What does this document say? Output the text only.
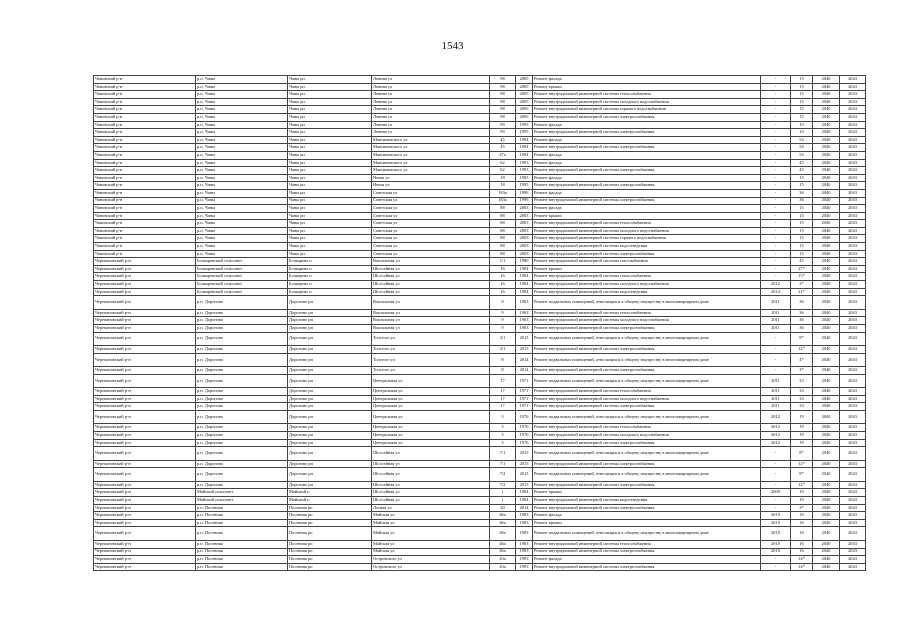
1543
Чановский р-н	р.п. Чаны	Чаны рп	Ленина ул	98	2005	Ремонт фасада	-	15	2040	2043
Чановский р-н	р.п. Чаны	Чаны рп	Ленина ул	98	2005	Ремонт крыши	-	15	2040	2043
Чановский р-н	р.п. Чаны	Чаны рп	Ленина ул	98	2005	Ремонт внутридомовой инженерной системы теплоснабжения	-	15	2040	2043
Чановский р-н	р.п. Чаны	Чаны рп	Ленина ул	98	2005	Ремонт внутридомовой инженерной системы холодного водоснабжения	-	15	2040	2043
Чановский р-н	р.п. Чаны	Чаны рп	Ленина ул	98	2005	Ремонт внутридомовой инженерной системы горячего водоснабжения	-	15	2040	2043
Чановский р-н	р.п. Чаны	Чаны рп	Ленина ул	98	2005	Ремонт внутридомовой инженерной системы электроснабжения	-	15	2040	2043
Чановский р-н	р.п. Чаны	Чаны рп	Ленина ул	99	1995	Ремонт фасада	-	10	2040	2043
Чановский р-н	р.п. Чаны	Чаны рп	Ленина ул	99	1995	Ремонт внутридомовой инженерной системы электроснабжения	-	10	2040	2043
Чановский р-н	р.п. Чаны	Чаны рп	Максимовского ул	45	1994	Ремонт фасада	-	54	2040	2043
Чановский р-н	р.п. Чаны	Чаны рп	Максимовского ул	45	1994	Ремонт внутридомовой инженерной системы электроснабжения	-	54	2040	2043
Чановский р-н	р.п. Чаны	Чаны рп	Максимовского ул	47а	1994	Ремонт фасада	-	52	2040	2043
Чановский р-н	р.п. Чаны	Чаны рп	Максимовского ул	62	1993	Ремонт фасада	-	45	2040	2043
Чановский р-н	р.п. Чаны	Чаны рп	Максимовского ул	62	1993	Ремонт внутридомовой инженерной системы электроснабжения	-	45	2040	2043
Чановский р-н	р.п. Чаны	Чаны рп	Некая ул	18	1995	Ремонт фасада	-	15	2040	2043
Чановский р-н	р.п. Чаны	Чаны рп	Некая ул	18	1995	Ремонт внутридомовой инженерной системы электроснабжения	-	15	2040	2043
Чановский р-н	р.п. Чаны	Чаны рп	Советская ул	183а	1996	Ремонт фасада	-	36	2040	2043
Чановский р-н	р.п. Чаны	Чаны рп	Советская ул	183а	1996	Ремонт внутридомовой инженерной системы электроснабжения	-	36	2040	2043
Чановский р-н	р.п. Чаны	Чаны рп	Советская ул	88	2003	Ремонт фасада	-	15	2040	2043
Чановский р-н	р.п. Чаны	Чаны рп	Советская ул	88	2003	Ремонт крыши	-	15	2040	2043
Чановский р-н	р.п. Чаны	Чаны рп	Советская ул	88	2003	Ремонт внутридомовой инженерной системы теплоснабжения	-	15	2040	2043
Чановский р-н	р.п. Чаны	Чаны рп	Советская ул	88	2003	Ремонт внутридомовой инженерной системы холодного водоснабжения	-	15	2040	2043
Чановский р-н	р.п. Чаны	Чаны рп	Советская ул	88	2003	Ремонт внутридомовой инженерной системы горячего водоснабжения	-	15	2040	2043
Чановский р-н	р.п. Чаны	Чаны рп	Советская ул	88	2003	Ремонт внутридомовой инженерной системы водоотведения	-	15	2040	2043
Чановский р-н	р.п. Чаны	Чаны рп	Советская ул	88	2003	Ремонт внутридомовой инженерной системы электроснабжения	-	15	2040	2043
Черепановский р-н	Бочкаревский сельсовет	Бочкарево п	Вокзальная ул	1/1	1980	Ремонт внутридомовой инженерной системы газоснабжения	-	45	2040	2043
Черепановский р-н	Бочкаревский сельсовет	Бочкарево п	Шоссейная ул	16	1984	Ремонт крыши	-	27*	2040	2043
Черепановский р-н	Бочкаревский сельсовет	Бочкарево п	Шоссейная ул	16	1984	Ремонт внутридомовой инженерной системы теплоснабжения	-	15*	2040	2043
Черепановский р-н	Бочкаревский сельсовет	Бочкарево п	Шоссейная ул	16	1984	Ремонт внутридомовой инженерной системы холодного водоснабжения	2012	3*	2040	2043
Черепановский р-н	Бочкаревский сельсовет	Бочкарево п	Шоссейная ул	16	1984	Ремонт внутридомовой инженерной системы водоотведения	2014	21*	2040	2043
Черепановский р-н	р.п. Дорогино	Дорогино рп	Вокзальная ул	9	1963	Ремонт подвальных помещений, относящихся к общему имуществу в многоквартирном доме	2011	36	2040	2043
Черепановский р-н	р.п. Дорогино	Дорогино рп	Вокзальная ул	9	1963	Ремонт внутридомовой инженерной системы теплоснабжения	2011	36	2040	2043
Черепановский р-н	р.п. Дорогино	Дорогино рп	Вокзальная ул	9	1963	Ремонт внутридомовой инженерной системы холодного водоснабжения	2011	36	2040	2043
Черепановский р-н	р.п. Дорогино	Дорогино рп	Вокзальная ул	9	1963	Ремонт внутридомовой инженерной системы электроснабжения	2011	36	2040	2043
Черепановский р-н	р.п. Дорогино	Дорогино рп	Толстого ул	2/1	2015	Ремонт подвальных помещений, относящихся к общему имуществу в многоквартирном доме	-	8*	2040	2043
Черепановский р-н	р.п. Дорогино	Дорогино рп	Толстого ул	2/1	2015	Ремонт внутридомовой инженерной системы электроснабжения	-	12*	2040	2043
Черепановский р-н	р.п. Дорогино	Дорогино рп	Толстого ул	8	2014	Ремонт подвальных помещений, относящихся к общему имуществу в многоквартирном доме	-	4*	2040	2043
Черепановский р-н	р.п. Дорогино	Дорогино рп	Толстого ул	8	2014	Ремонт внутридомовой инженерной системы электроснабжения	-	3*	2040	2043
Черепановский р-н	р.п. Дорогино	Дорогино рп	Центральная ул	17	1971	Ремонт подвальных помещений, относящихся к общему имуществу в многоквартирном доме	2011	33	2040	2043
Черепановский р-н	р.п. Дорогино	Дорогино рп	Центральная ул	17	1971	Ремонт внутридомовой инженерной системы теплоснабжения	2011	33	2040	2043
Черепановский р-н	р.п. Дорогино	Дорогино рп	Центральная ул	17	1971	Ремонт внутридомовой инженерной системы холодного водоснабжения	2011	33	2040	2043
Черепановский р-н	р.п. Дорогино	Дорогино рп	Центральная ул	17	1971	Ремонт внутридомовой инженерной системы электроснабжения	2011	33	2040	2043
Черепановский р-н	р.п. Дорогино	Дорогино рп	Центральная ул	3	1976	Ремонт подвальных помещений, относящихся к общему имуществу в многоквартирном доме	2012	19	2040	2043
Черепановский р-н	р.п. Дорогино	Дорогино рп	Центральная ул	3	1976	Ремонт внутридомовой инженерной системы теплоснабжения	2012	19	2040	2043
Черепановский р-н	р.п. Дорогино	Дорогино рп	Центральная ул	3	1976	Ремонт внутридомовой инженерной системы холодного водоснабжения	2012	19	2040	2043
Черепановский р-н	р.п. Дорогино	Дорогино рп	Центральная ул	3	1976	Ремонт внутридомовой инженерной системы электроснабжения	2012	19	2040	2043
Черепановский р-н	р.п. Дорогино	Дорогино рп	Шоссейная ул	7/1	2015	Ремонт подвальных помещений, относящихся к общему имуществу в многоквартирном доме	-	8*	2040	2043
Черепановский р-н	р.п. Дорогино	Дорогино рп	Шоссейная ул	7/1	2015	Ремонт внутридомовой инженерной системы электроснабжения	-	12*	2040	2043
Черепановский р-н	р.п. Дорогино	Дорогино рп	Шоссейная ул	7/2	2015	Ремонт подвальных помещений, относящихся к общему имуществу в многоквартирном доме	-	8*	2040	2043
Черепановский р-н	р.п. Дорогино	Дорогино рп	Шоссейная ул	7/2	2015	Ремонт внутридомовой инженерной системы электроснабжения	-	12*	2040	2043
Черепановский р-н	Майский сельсовет	Майский п	Шоссейная ул	1	1984	Ремонт крыши	2009	19	2040	2043
Черепановский р-н	Майский сельсовет	Майский п	Шоссейная ул	1	1984	Ремонт внутридомовой инженерной системы водоотведения	-	19	2040	2043
Черепановский р-н	р.п. Посевная	Посевная рп	Лесная ул	20	2014	Ремонт внутридомовой инженерной системы электроснабжения	-	3*	2040	2043
Черепановский р-н	р.п. Посевная	Посевная рп	Майская ул	46а	1983	Ремонт фасада	2010	16	2040	2043
Черепановский р-н	р.п. Посевная	Посевная рп	Майская ул	46а	1983	Ремонт крыши	2010	16	2040	2043
Черепановский р-н	р.п. Посевная	Посевная рп	Майская ул	46а	1983	Ремонт подвальных помещений, относящихся к общему имуществу в многоквартирном доме	2010	16	2040	2043
Черепановский р-н	р.п. Посевная	Посевная рп	Майская ул	46а	1983	Ремонт внутридомовой инженерной системы теплоснабжения	2010	16	2040	2043
Черепановский р-н	р.п. Посевная	Посевная рп	Майская ул	46а	1983	Ремонт внутридомовой инженерной системы электроснабжения	2010	16	2040	2043
Черепановский р-н	р.п. Посевная	Посевная рп	Островского ул	43а	1993	Ремонт фасада	-	14*	2040	2043
Черепановский р-н	р.п. Посевная	Посевная рп	Островского ул	43а	1993	Ремонт внутридомовой инженерной системы электроснабжения	-	14*	2040	2043
